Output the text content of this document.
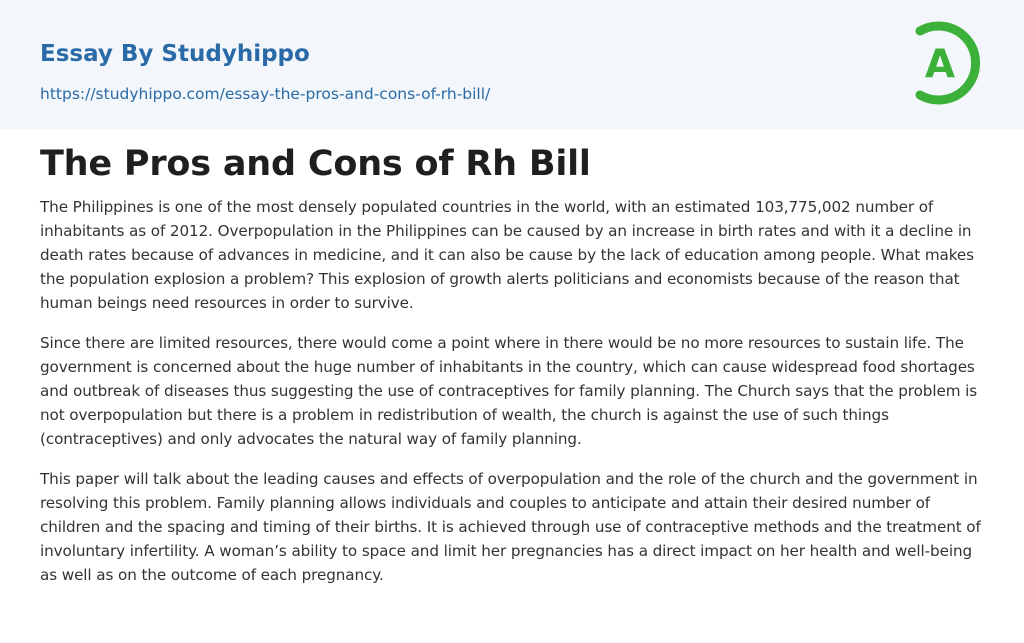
Essay By Studyhippo
https://studyhippo.com/essay-the-pros-and-cons-of-rh-bill/
A
The Pros and Cons of Rh Bill

The Philippines is one of the most densely populated countries in the world, with an estimated 103,775,002 number of inhabitants as of 2012. Overpopulation in the Philippines can be caused by an increase in birth rates and with it a decline in death rates because of advances in medicine, and it can also be cause by the lack of education among people. What makes the population explosion a problem? This explosion of growth alerts politicians and economists because of the reason that human beings need resources in order to survive.

Since there are limited resources, there would come a point where in there would be no more resources to sustain life. The government is concerned about the huge number of inhabitants in the country, which can cause widespread food shortages and outbreak of diseases thus suggesting the use of contraceptives for family planning. The Church says that the problem is not overpopulation but there is a problem in redistribution of wealth, the church is against the use of such things (contraceptives) and only advocates the natural way of family planning.

This paper will talk about the leading causes and effects of overpopulation and the role of the church and the government in resolving this problem. Family planning allows individuals and couples to anticipate and attain their desired number of children and the spacing and timing of their births. It is achieved through use of contraceptive methods and the treatment of involuntary infertility. A woman’s ability to space and limit her pregnancies has a direct impact on her health and well-being as well as on the outcome of each pregnancy.
